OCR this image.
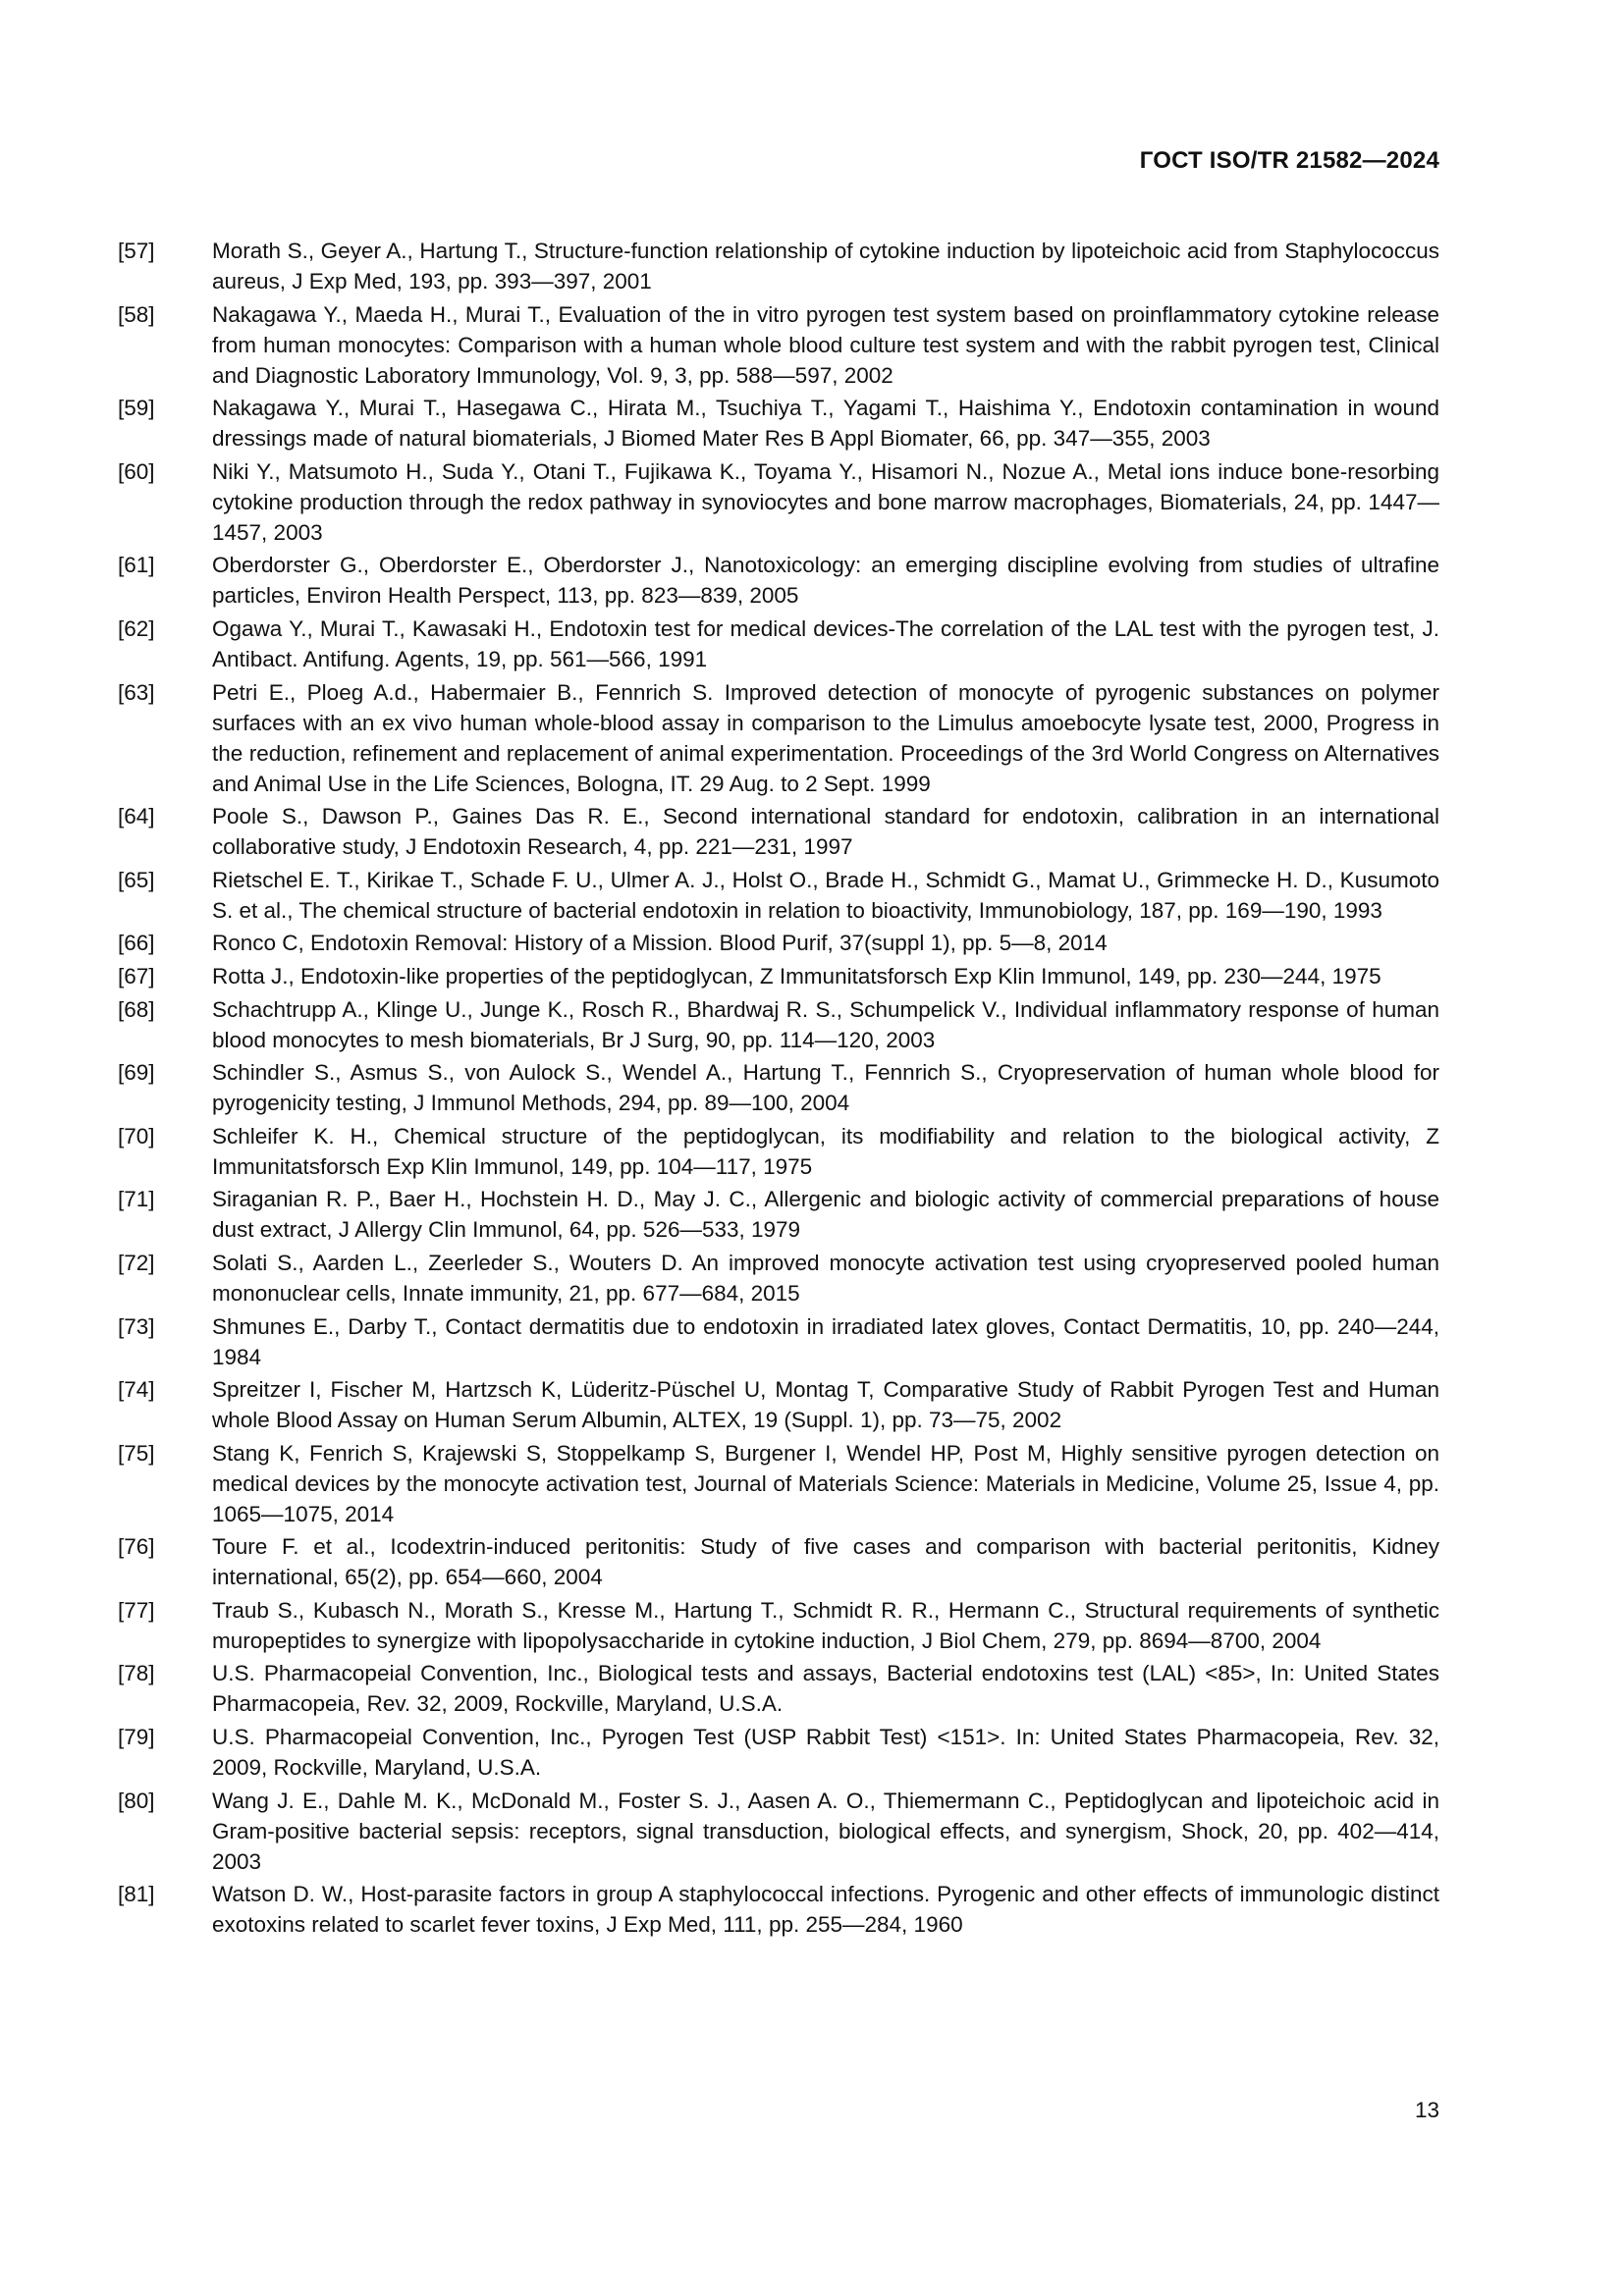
ГОСТ ISO/TR 21582—2024
[57]	Morath S., Geyer A., Hartung T., Structure-function relationship of cytokine induction by lipoteichoic acid from Staphylococcus aureus, J Exp Med, 193, pp. 393—397, 2001
[58]	Nakagawa Y., Maeda H., Murai T., Evaluation of the in vitro pyrogen test system based on proinflammatory cytokine release from human monocytes: Comparison with a human whole blood culture test system and with the rabbit pyrogen test, Clinical and Diagnostic Laboratory Immunology, Vol. 9, 3, pp. 588—597, 2002
[59]	Nakagawa Y., Murai T., Hasegawa C., Hirata M., Tsuchiya T., Yagami T., Haishima Y., Endotoxin contamination in wound dressings made of natural biomaterials, J Biomed Mater Res B Appl Biomater, 66, pp. 347—355, 2003
[60]	Niki Y., Matsumoto H., Suda Y., Otani T., Fujikawa K., Toyama Y., Hisamori N., Nozue A., Metal ions induce bone-resorbing cytokine production through the redox pathway in synoviocytes and bone marrow macrophages, Biomaterials, 24, pp. 1447—1457, 2003
[61]	Oberdorster G., Oberdorster E., Oberdorster J., Nanotoxicology: an emerging discipline evolving from studies of ultrafine particles, Environ Health Perspect, 113, pp. 823—839, 2005
[62]	Ogawa Y., Murai T., Kawasaki H., Endotoxin test for medical devices-The correlation of the LAL test with the pyrogen test, J. Antibact. Antifung. Agents, 19, pp. 561—566, 1991
[63]	Petri E., Ploeg A.d., Habermaier B., Fennrich S. Improved detection of monocyte of pyrogenic substances on polymer surfaces with an ex vivo human whole-blood assay in comparison to the Limulus amoebocyte lysate test, 2000, Progress in the reduction, refinement and replacement of animal experimentation. Proceedings of the 3rd World Congress on Alternatives and Animal Use in the Life Sciences, Bologna, IT. 29 Aug. to 2 Sept. 1999
[64]	Poole S., Dawson P., Gaines Das R. E., Second international standard for endotoxin, calibration in an international collaborative study, J Endotoxin Research, 4, pp. 221—231, 1997
[65]	Rietschel E. T., Kirikae T., Schade F. U., Ulmer A. J., Holst O., Brade H., Schmidt G., Mamat U., Grimmecke H. D., Kusumoto S. et al., The chemical structure of bacterial endotoxin in relation to bioactivity, Immunobiology, 187, pp. 169—190, 1993
[66]	Ronco C, Endotoxin Removal: History of a Mission. Blood Purif, 37(suppl 1), pp. 5—8, 2014
[67]	Rotta J., Endotoxin-like properties of the peptidoglycan, Z Immunitatsforsch Exp Klin Immunol, 149, pp. 230—244, 1975
[68]	Schachtrupp A., Klinge U., Junge K., Rosch R., Bhardwaj R. S., Schumpelick V., Individual inflammatory response of human blood monocytes to mesh biomaterials, Br J Surg, 90, pp. 114—120, 2003
[69]	Schindler S., Asmus S., von Aulock S., Wendel A., Hartung T., Fennrich S., Cryopreservation of human whole blood for pyrogenicity testing, J Immunol Methods, 294, pp. 89—100, 2004
[70]	Schleifer K. H., Chemical structure of the peptidoglycan, its modifiability and relation to the biological activity, Z Immunitatsforsch Exp Klin Immunol, 149, pp. 104—117, 1975
[71]	Siraganian R. P., Baer H., Hochstein H. D., May J. C., Allergenic and biologic activity of commercial preparations of house dust extract, J Allergy Clin Immunol, 64, pp. 526—533, 1979
[72]	Solati S., Aarden L., Zeerleder S., Wouters D. An improved monocyte activation test using cryopreserved pooled human mononuclear cells, Innate immunity, 21, pp. 677—684, 2015
[73]	Shmunes E., Darby T., Contact dermatitis due to endotoxin in irradiated latex gloves, Contact Dermatitis, 10, pp. 240—244, 1984
[74]	Spreitzer I, Fischer M, Hartzsch K, Lüderitz-Püschel U, Montag T, Comparative Study of Rabbit Pyrogen Test and Human whole Blood Assay on Human Serum Albumin, ALTEX, 19 (Suppl. 1), pp. 73—75, 2002
[75]	Stang K, Fenrich S, Krajewski S, Stoppelkamp S, Burgener I, Wendel HP, Post M, Highly sensitive pyrogen detection on medical devices by the monocyte activation test, Journal of Materials Science: Materials in Medicine, Volume 25, Issue 4, pp. 1065—1075, 2014
[76]	Toure F. et al., Icodextrin-induced peritonitis: Study of five cases and comparison with bacterial peritonitis, Kidney international, 65(2), pp. 654—660, 2004
[77]	Traub S., Kubasch N., Morath S., Kresse M., Hartung T., Schmidt R. R., Hermann C., Structural requirements of synthetic muropeptides to synergize with lipopolysaccharide in cytokine induction, J Biol Chem, 279, pp. 8694—8700, 2004
[78]	U.S. Pharmacopeial Convention, Inc., Biological tests and assays, Bacterial endotoxins test (LAL) <85>, In: United States Pharmacopeia, Rev. 32, 2009, Rockville, Maryland, U.S.A.
[79]	U.S. Pharmacopeial Convention, Inc., Pyrogen Test (USP Rabbit Test) <151>. In: United States Pharmacopeia, Rev. 32, 2009, Rockville, Maryland, U.S.A.
[80]	Wang J. E., Dahle M. K., McDonald M., Foster S. J., Aasen A. O., Thiemermann C., Peptidoglycan and lipoteichoic acid in Gram-positive bacterial sepsis: receptors, signal transduction, biological effects, and synergism, Shock, 20, pp. 402—414, 2003
[81]	Watson D. W., Host-parasite factors in group A staphylococcal infections. Pyrogenic and other effects of immunologic distinct exotoxins related to scarlet fever toxins, J Exp Med, 111, pp. 255—284, 1960
13
